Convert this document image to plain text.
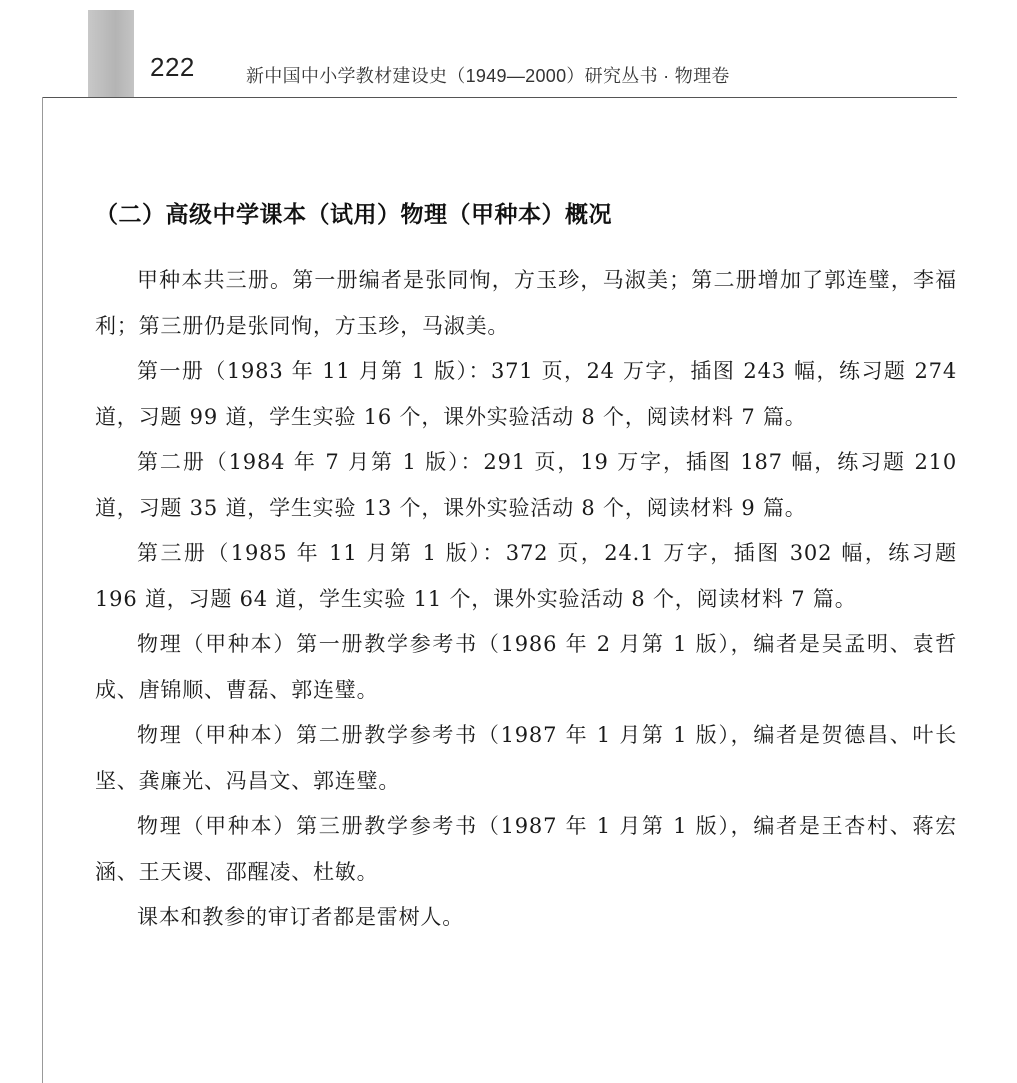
222	新中国中小学教材建设史（1949—2000）研究丛书 · 物理卷
（二）高级中学课本（试用）物理（甲种本）概况

甲种本共三册。第一册编者是张同恂，方玉珍，马淑美；第二册增加了郭连璧，李福利；第三册仍是张同恂，方玉珍，马淑美。

第一册（1983 年 11 月第 1 版）：371 页，24 万字，插图 243 幅，练习题 274 道，习题 99 道，学生实验 16 个，课外实验活动 8 个，阅读材料 7 篇。

第二册（1984 年 7 月第 1 版）：291 页，19 万字，插图 187 幅，练习题 210 道，习题 35 道，学生实验 13 个，课外实验活动 8 个，阅读材料 9 篇。

第三册（1985 年 11 月第 1 版）：372 页，24.1 万字，插图 302 幅，练习题 196 道，习题 64 道，学生实验 11 个，课外实验活动 8 个，阅读材料 7 篇。

物理（甲种本）第一册教学参考书（1986 年 2 月第 1 版），编者是吴孟明、袁哲成、唐锦顺、曹磊、郭连璧。

物理（甲种本）第二册教学参考书（1987 年 1 月第 1 版），编者是贺德昌、叶长坚、龚廉光、冯昌文、郭连璧。

物理（甲种本）第三册教学参考书（1987 年 1 月第 1 版），编者是王杏村、蒋宏涵、王天谡、邵醒凌、杜敏。

课本和教参的审订者都是雷树人。
